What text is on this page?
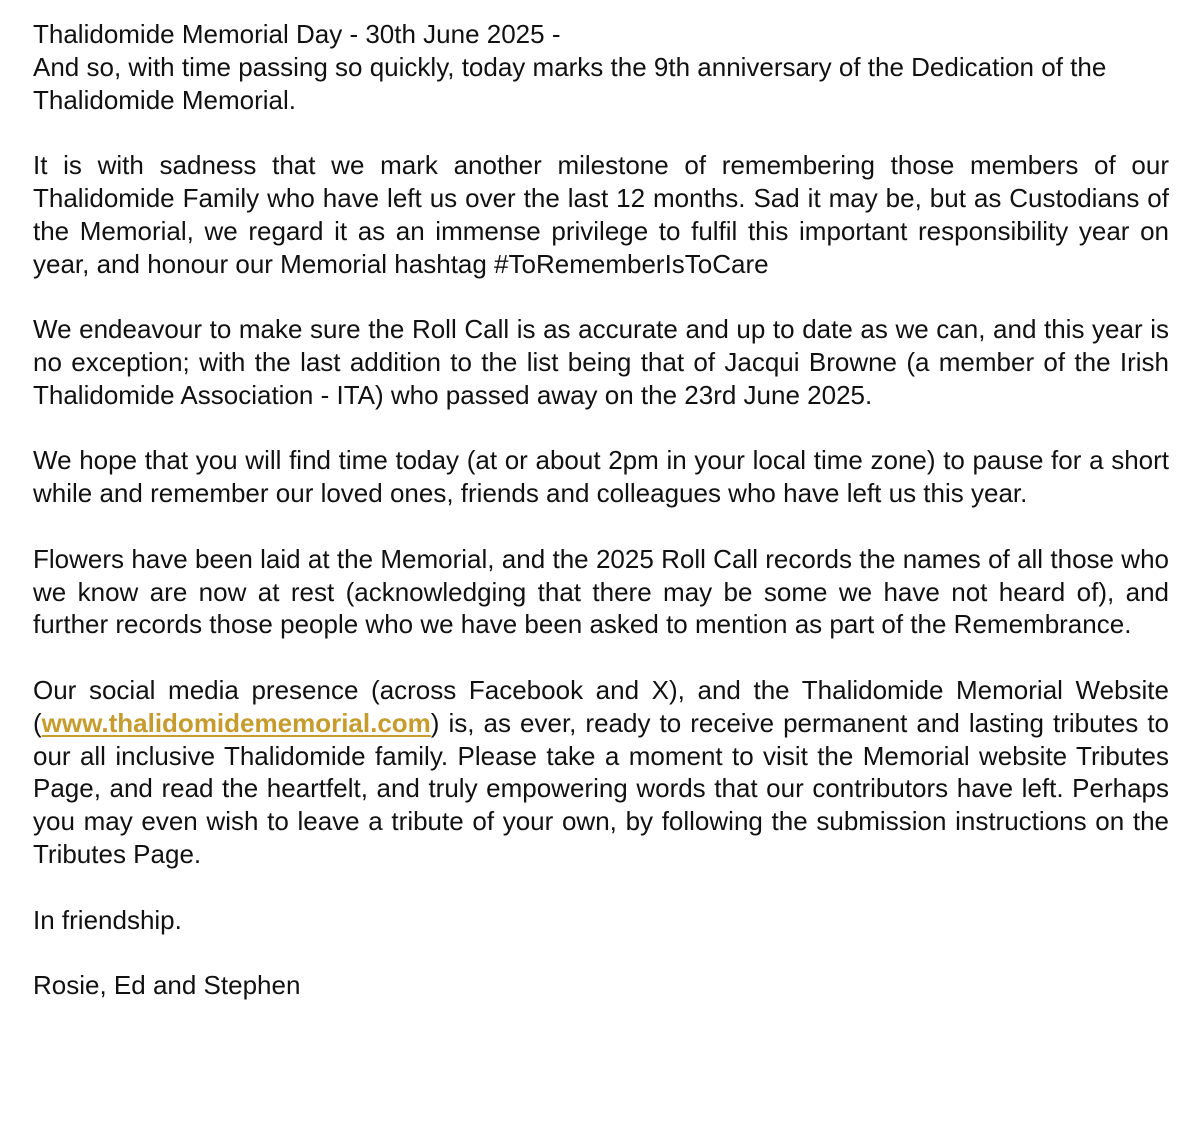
Thalidomide Memorial Day - 30th June 2025 -
And so, with time passing so quickly, today marks the 9th anniversary of the Dedication of the Thalidomide Memorial.

It is with sadness that we mark another milestone of remembering those members of our Thalidomide Family who have left us over the last 12 months. Sad it may be, but as Custodians of the Memorial, we regard it as an immense privilege to fulfil this important responsibility year on year, and honour our Memorial hashtag #ToRememberIsToCare

We endeavour to make sure the Roll Call is as accurate and up to date as we can, and this year is no exception; with the last addition to the list being that of Jacqui Browne (a member of the Irish Thalidomide Association - ITA) who passed away on the 23rd June 2025.

We hope that you will find time today (at or about 2pm in your local time zone) to pause for a short while and remember our loved ones, friends and colleagues who have left us this year.

Flowers have been laid at the Memorial, and the 2025 Roll Call records the names of all those who we know are now at rest (acknowledging that there may be some we have not heard of), and further records those people who we have been asked to mention as part of the Remembrance.

Our social media presence (across Facebook and X), and the Thalidomide Memorial Website (www.thalidomidememorial.com) is, as ever, ready to receive permanent and lasting tributes to our all inclusive Thalidomide family. Please take a moment to visit the Memorial website Tributes Page, and read the heartfelt, and truly empowering words that our contributors have left. Perhaps you may even wish to leave a tribute of your own, by following the submission instructions on the Tributes Page.

In friendship.

Rosie, Ed and Stephen
